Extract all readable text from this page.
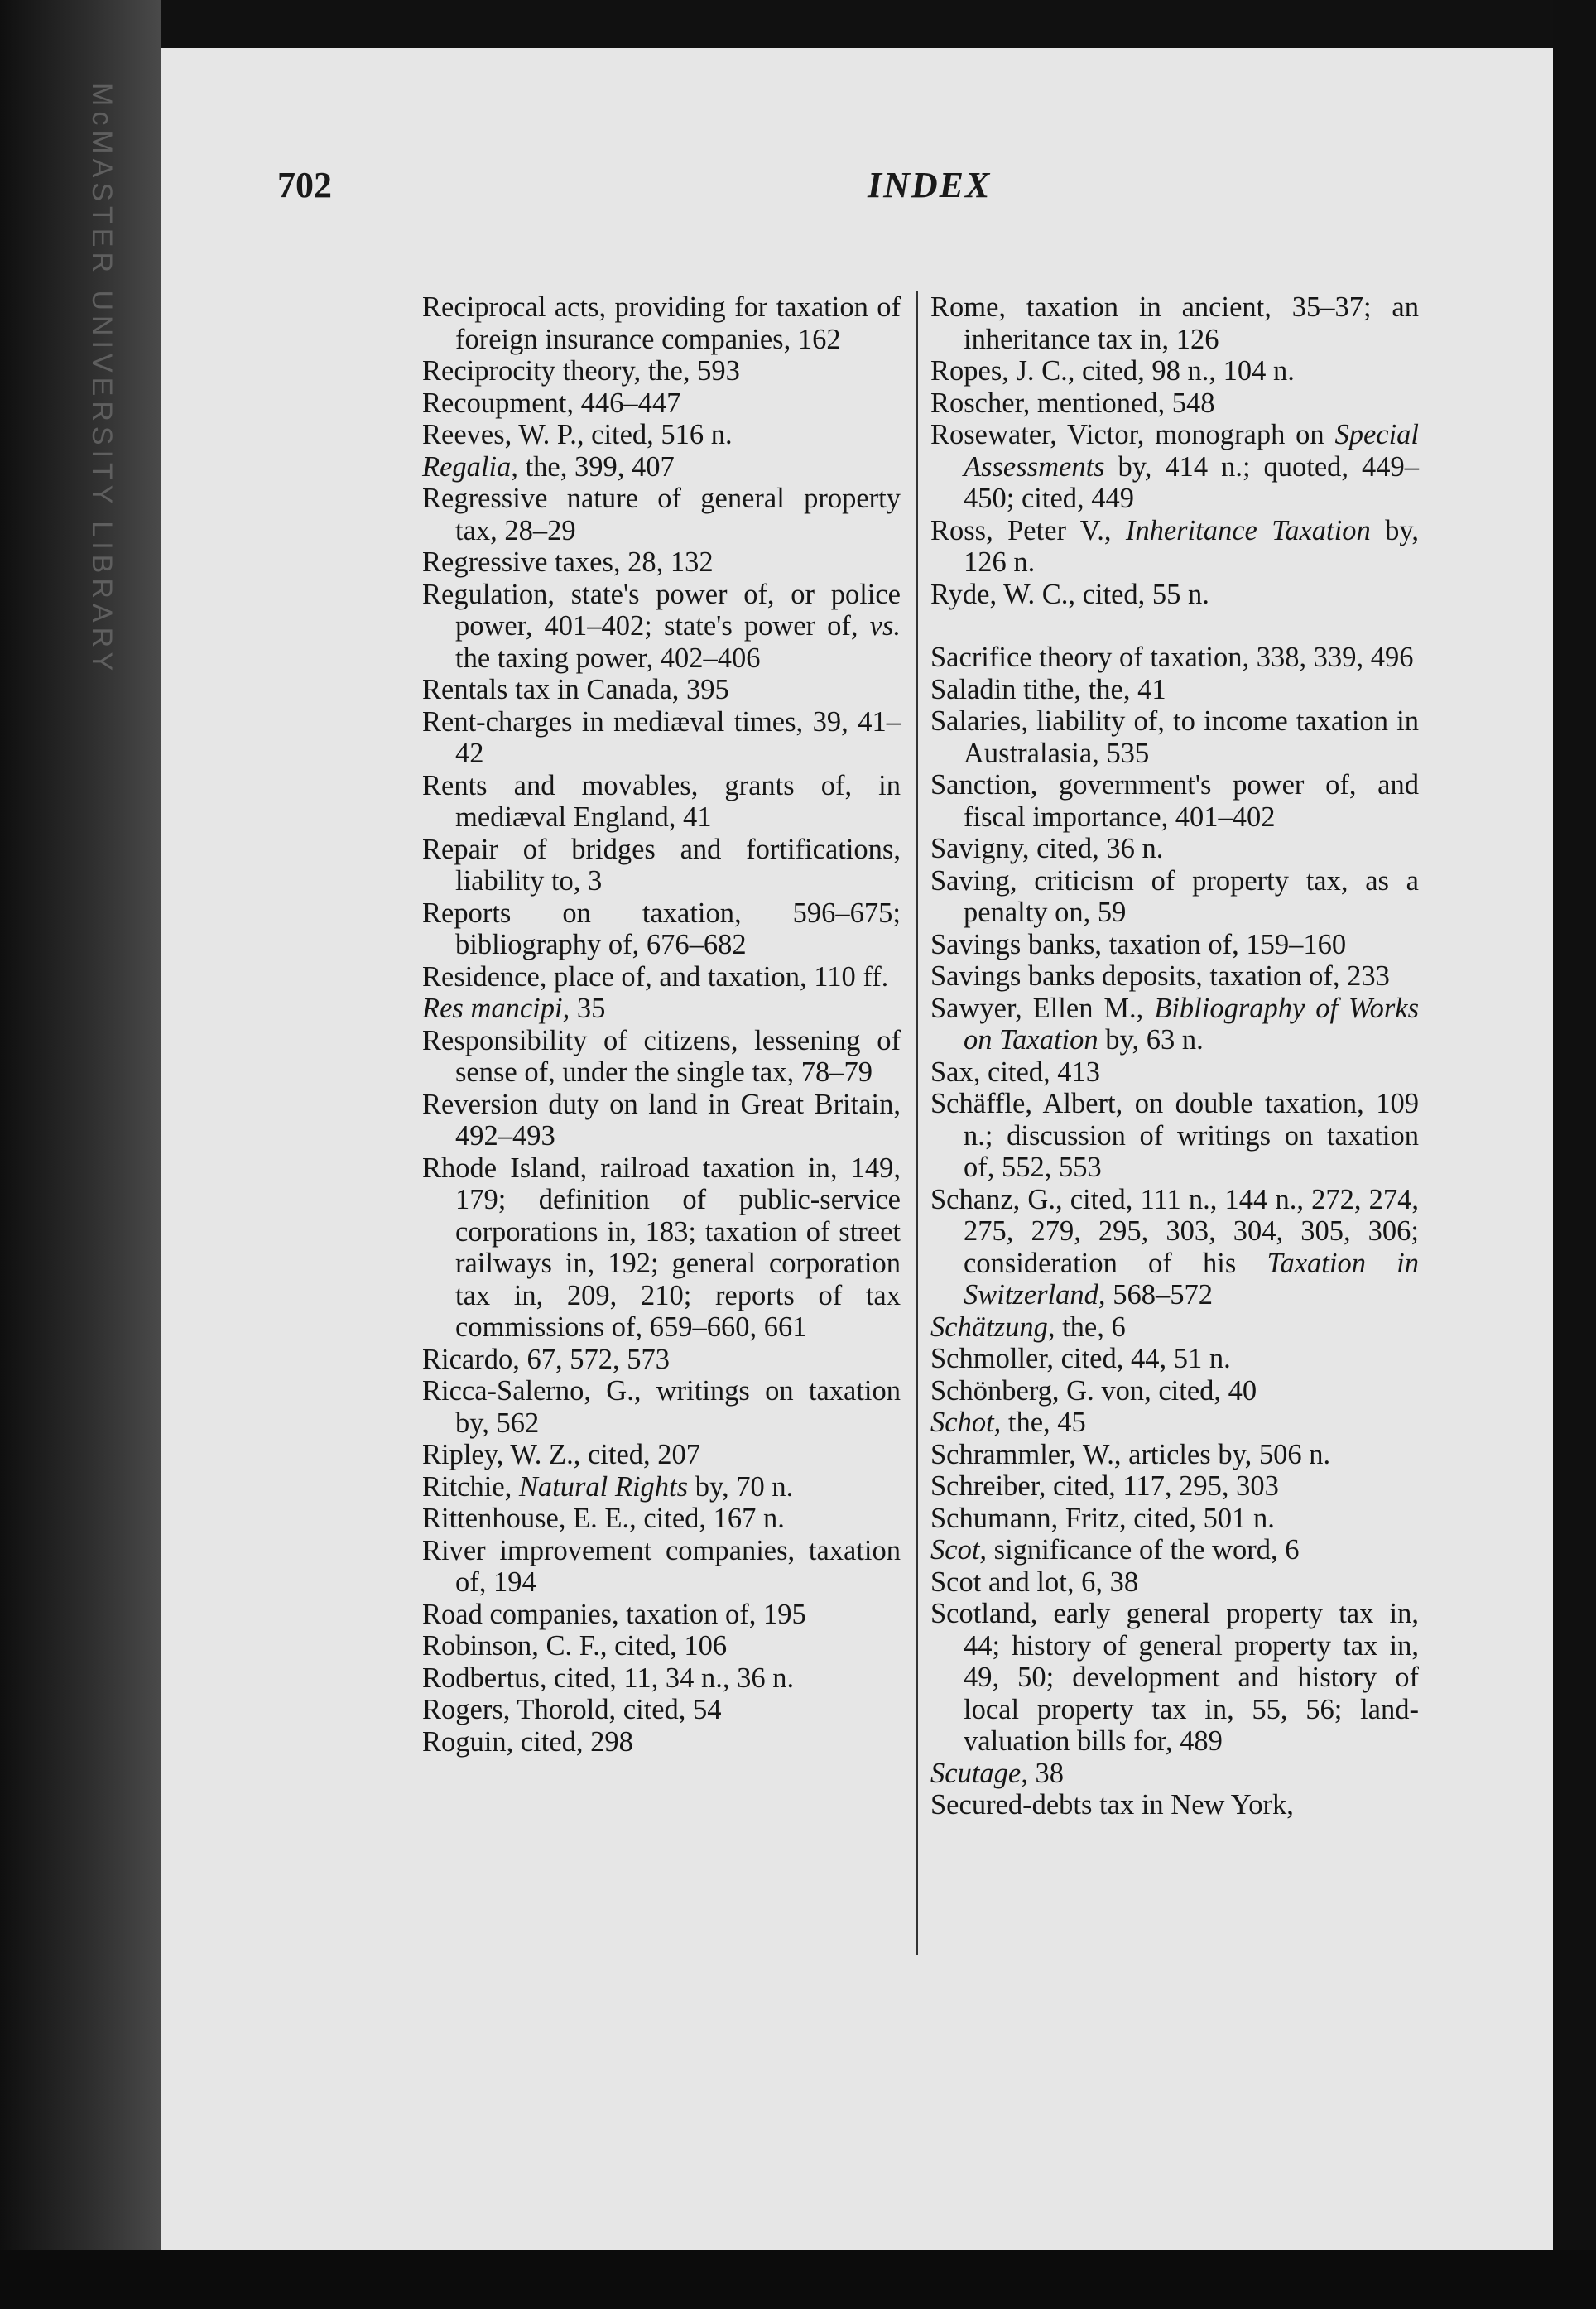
McMASTER UNIVERSITY LIBRARY	702	INDEX

Reciprocal acts, providing for taxation of foreign insurance companies, 162

Reciprocity theory, the, 593

Recoupment, 446–447

Reeves, W. P., cited, 516 n.

Regalia, the, 399, 407

Regressive nature of general property tax, 28–29

Regressive taxes, 28, 132

Regulation, state's power of, or police power, 401–402; state's power of, vs. the taxing power, 402–406

Rentals tax in Canada, 395

Rent-charges in mediæval times, 39, 41–42

Rents and movables, grants of, in mediæval England, 41

Repair of bridges and fortifications, liability to, 3

Reports on taxation, 596–675; bibliography of, 676–682

Residence, place of, and taxation, 110 ff.

Res mancipi, 35

Responsibility of citizens, lessening of sense of, under the single tax, 78–79

Reversion duty on land in Great Britain, 492–493

Rhode Island, railroad taxation in, 149, 179; definition of public-service corporations in, 183; taxation of street railways in, 192; general corporation tax in, 209, 210; reports of tax commissions of, 659–660, 661

Ricardo, 67, 572, 573

Ricca-Salerno, G., writings on taxation by, 562

Ripley, W. Z., cited, 207

Ritchie, Natural Rights by, 70 n.

Rittenhouse, E. E., cited, 167 n.

River improvement companies, taxation of, 194

Road companies, taxation of, 195

Robinson, C. F., cited, 106

Rodbertus, cited, 11, 34 n., 36 n.

Rogers, Thorold, cited, 54

Roguin, cited, 298

Rome, taxation in ancient, 35–37; an inheritance tax in, 126

Ropes, J. C., cited, 98 n., 104 n.

Roscher, mentioned, 548

Rosewater, Victor, monograph on Special Assessments by, 414 n.; quoted, 449–450; cited, 449

Ross, Peter V., Inheritance Taxation by, 126 n.

Ryde, W. C., cited, 55 n.

Sacrifice theory of taxation, 338, 339, 496

Saladin tithe, the, 41

Salaries, liability of, to income taxation in Australasia, 535

Sanction, government's power of, and fiscal importance, 401–402

Savigny, cited, 36 n.

Saving, criticism of property tax, as a penalty on, 59

Savings banks, taxation of, 159–160

Savings banks deposits, taxation of, 233

Sawyer, Ellen M., Bibliography of Works on Taxation by, 63 n.

Sax, cited, 413

Schäffle, Albert, on double taxation, 109 n.; discussion of writings on taxation of, 552, 553

Schanz, G., cited, 111 n., 144 n., 272, 274, 275, 279, 295, 303, 304, 305, 306; consideration of his Taxation in Switzerland, 568–572

Schätzung, the, 6

Schmoller, cited, 44, 51 n.

Schönberg, G. von, cited, 40

Schot, the, 45

Schrammler, W., articles by, 506 n.

Schreiber, cited, 117, 295, 303

Schumann, Fritz, cited, 501 n.

Scot, significance of the word, 6

Scot and lot, 6, 38

Scotland, early general property tax in, 44; history of general property tax in, 49, 50; development and history of local property tax in, 55, 56; land-valuation bills for, 489

Scutage, 38

Secured-debts tax in New York,
